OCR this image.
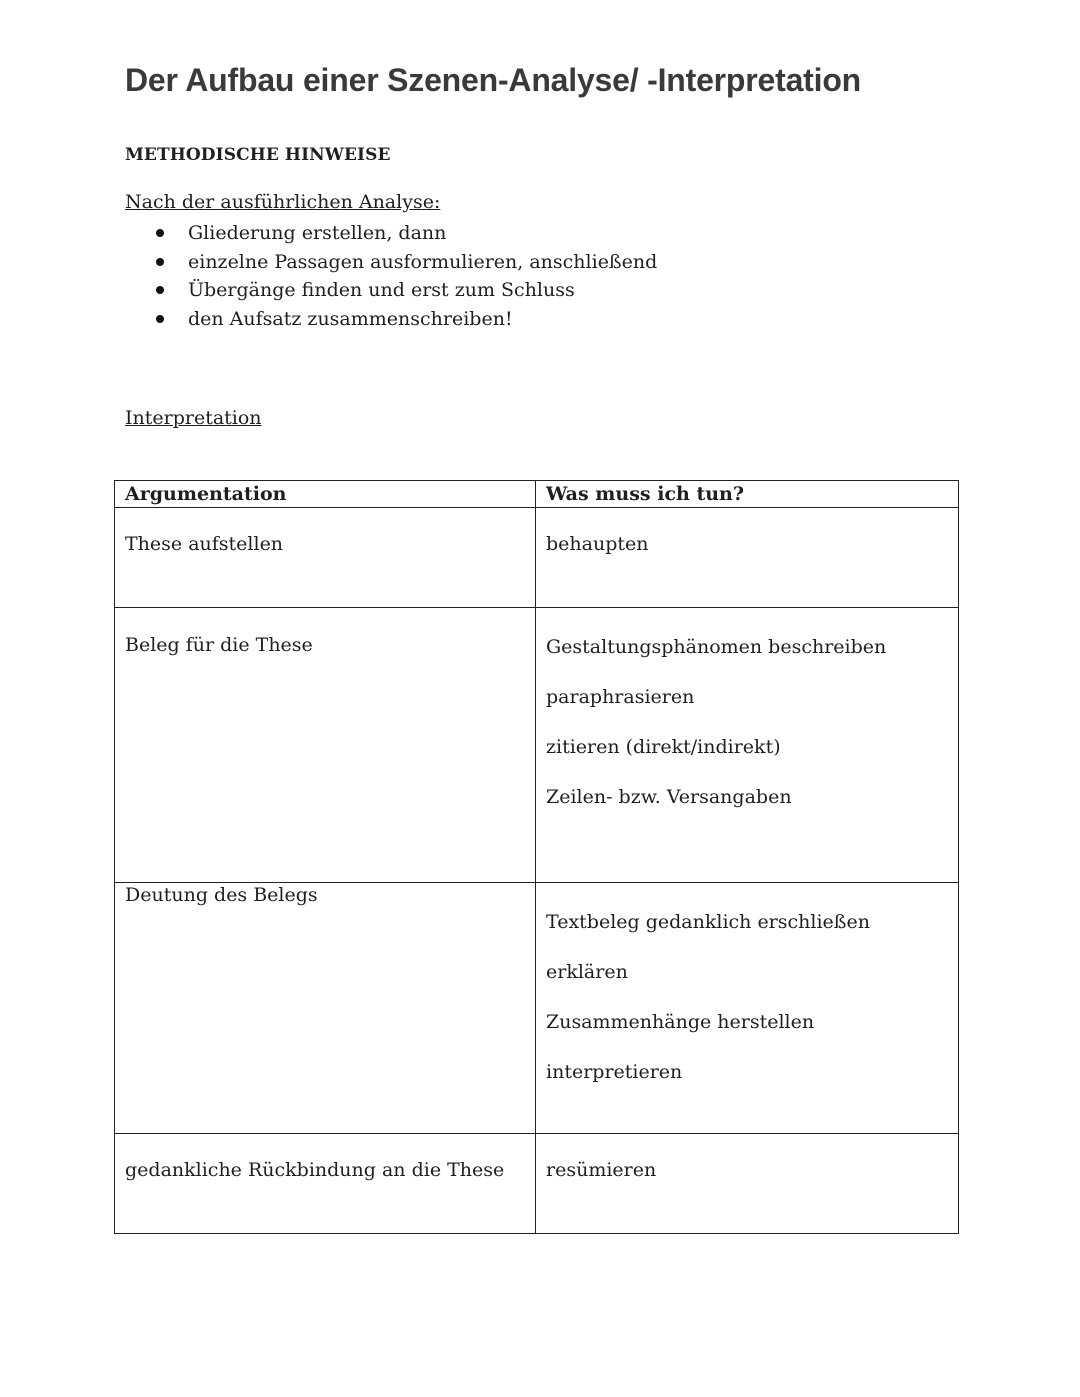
Der Aufbau einer Szenen-Analyse/ -Interpretation

METHODISCHE HINWEISE

Nach der ausführlichen Analyse:

Gliederung erstellen, dann
einzelne Passagen ausformulieren, anschließend
Übergänge finden und erst zum Schluss
den Aufsatz zusammenschreiben!

Interpretation

Argumentation	Was muss ich tun?
These aufstellen	behaupten
Beleg für die These	Gestaltungsphänomen beschreiben
paraphrasieren
zitieren (direkt/indirekt)
Zeilen- bzw. Versangaben

Deutung des Belegs	Textbeleg gedanklich erschließen
erklären
Zusammenhänge herstellen
interpretieren

gedankliche Rückbindung an die These	resümieren
